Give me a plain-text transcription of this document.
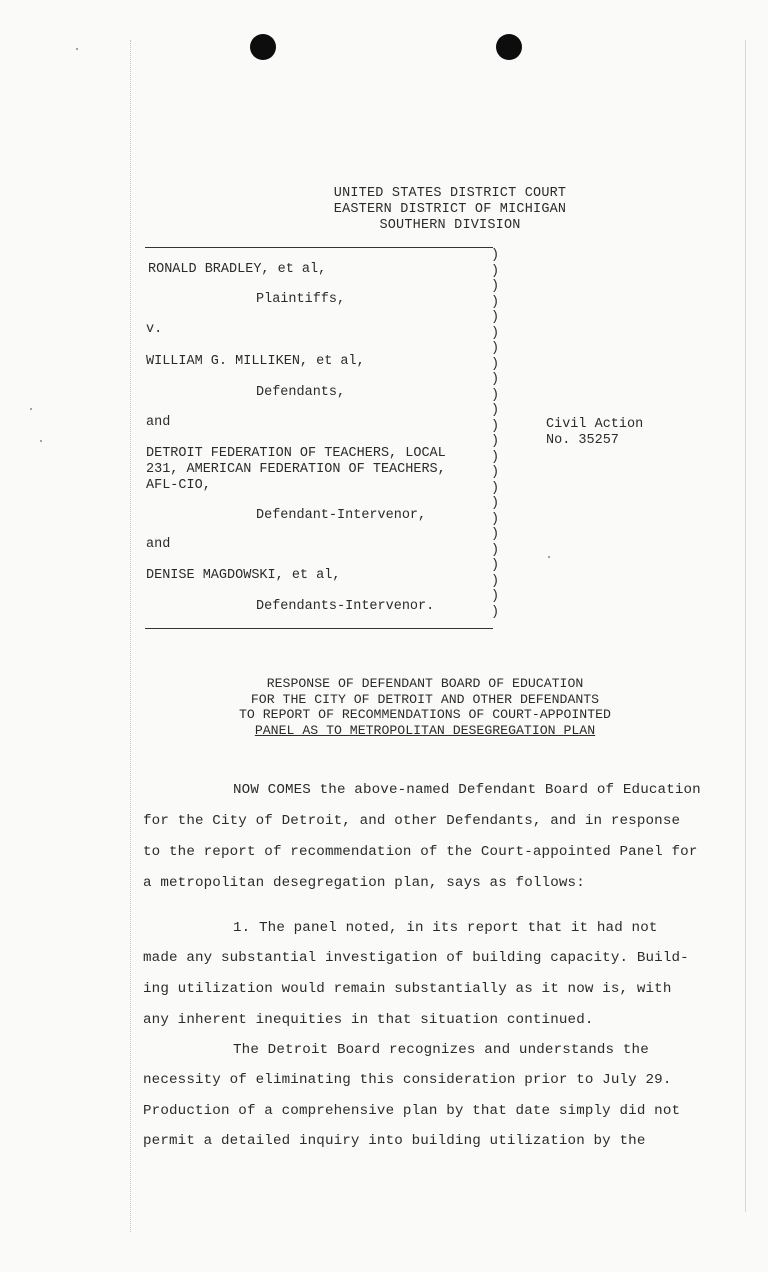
UNITED STATES DISTRICT COURT
EASTERN DISTRICT OF MICHIGAN
SOUTHERN DIVISION
)
)
)
)
)
)
)
)
)
)
)
)
)
)
)
)
)
)
)
)
)
)
)
)
RONALD BRADLEY, et al,
Plaintiffs,
v.
WILLIAM G. MILLIKEN, et al,
Defendants,
and
DETROIT FEDERATION OF TEACHERS, LOCAL
231, AMERICAN FEDERATION OF TEACHERS,
AFL-CIO,
Defendant-Intervenor,
and
DENISE MAGDOWSKI, et al,
Defendants-Intervenor.
Civil Action
No. 35257
RESPONSE OF DEFENDANT BOARD OF EDUCATION
FOR THE CITY OF DETROIT AND OTHER DEFENDANTS
TO REPORT OF RECOMMENDATIONS OF COURT-APPOINTED
PANEL AS TO METROPOLITAN DESEGREGATION PLAN
NOW COMES the above-named Defendant Board of Education
for the City of Detroit, and other Defendants, and in response
to the report of recommendation of the Court-appointed Panel for
a metropolitan desegregation plan, says as follows:
1. The panel noted, in its report that it had not
made any substantial investigation of building capacity. Build-
ing utilization would remain substantially as it now is, with
any inherent inequities in that situation continued.
The Detroit Board recognizes and understands the
necessity of eliminating this consideration prior to July 29.
Production of a comprehensive plan by that date simply did not
permit a detailed inquiry into building utilization by the
